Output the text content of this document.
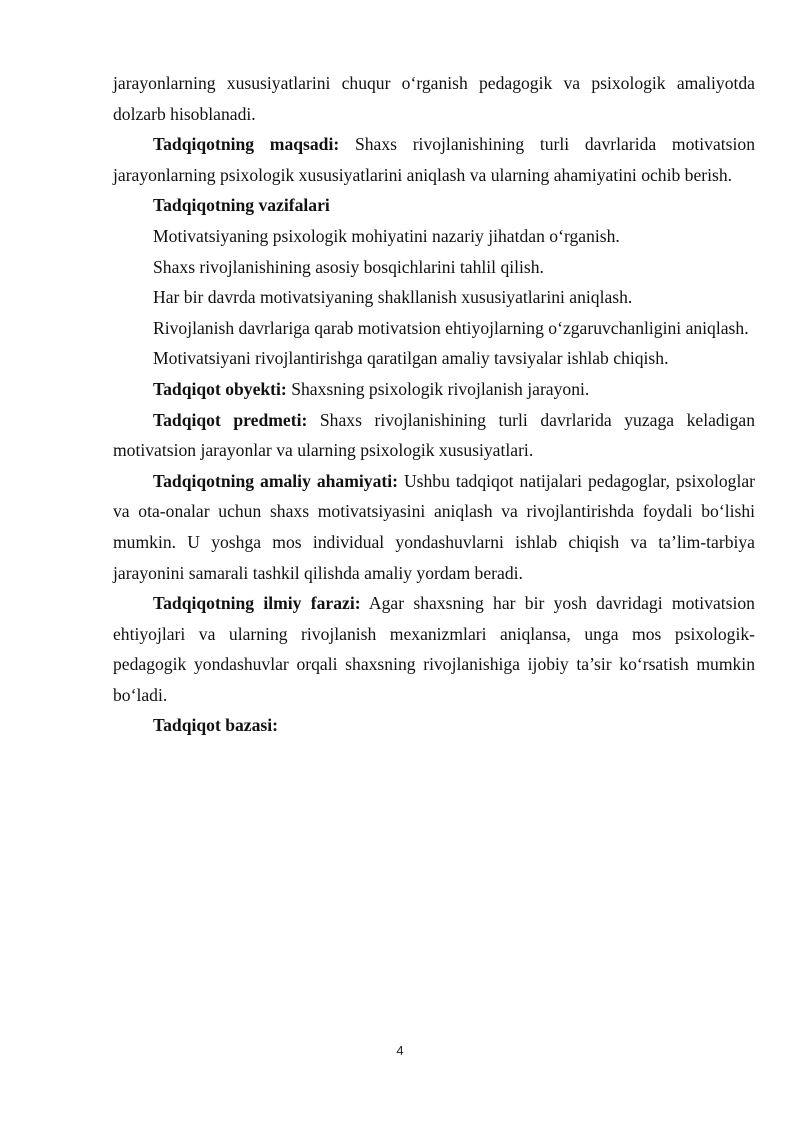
jarayonlarning xususiyatlarini chuqur o‘rganish pedagogik va psixologik amaliyotda dolzarb hisoblanadi.

Tadqiqotning maqsadi: Shaxs rivojlanishining turli davrlarida motivatsion jarayonlarning psixologik xususiyatlarini aniqlash va ularning ahamiyatini ochib berish.

Tadqiqotning vazifalari

Motivatsiyaning psixologik mohiyatini nazariy jihatdan o‘rganish.

Shaxs rivojlanishining asosiy bosqichlarini tahlil qilish.

Har bir davrda motivatsiyaning shakllanish xususiyatlarini aniqlash.

Rivojlanish davrlariga qarab motivatsion ehtiyojlarning o‘zgaruvchanligini aniqlash.

Motivatsiyani rivojlantirishga qaratilgan amaliy tavsiyalar ishlab chiqish.

Tadqiqot obyekti: Shaxsning psixologik rivojlanish jarayoni.

Tadqiqot predmeti: Shaxs rivojlanishining turli davrlarida yuzaga keladigan motivatsion jarayonlar va ularning psixologik xususiyatlari.

Tadqiqotning amaliy ahamiyati: Ushbu tadqiqot natijalari pedagoglar, psixologlar va ota-onalar uchun shaxs motivatsiyasini aniqlash va rivojlantirishda foydali bo‘lishi mumkin. U yoshga mos individual yondashuvlarni ishlab chiqish va ta’lim-tarbiya jarayonini samarali tashkil qilishda amaliy yordam beradi.

Tadqiqotning ilmiy farazi: Agar shaxsning har bir yosh davridagi motivatsion ehtiyojlari va ularning rivojlanish mexanizmlari aniqlansa, unga mos psixologik-pedagogik yondashuvlar orqali shaxsning rivojlanishiga ijobiy ta’sir ko‘rsatish mumkin bo‘ladi.

Tadqiqot bazasi:

4
